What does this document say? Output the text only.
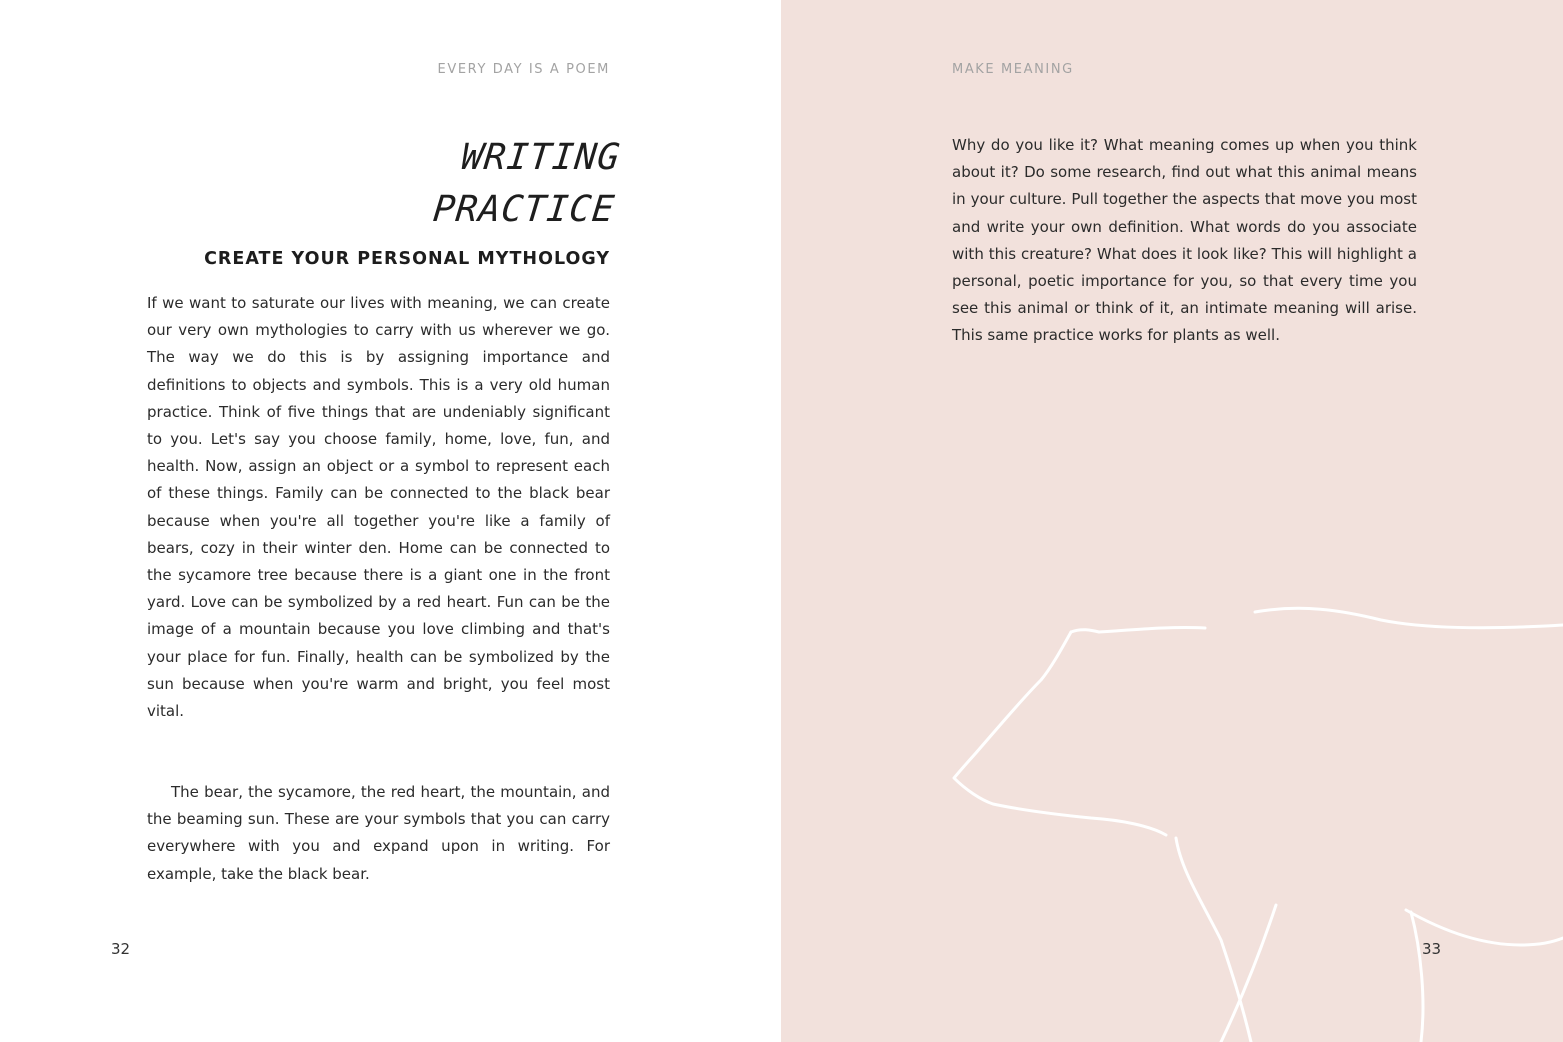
EVERY DAY IS A POEM
WRITING
PRACTICE
CREATE YOUR PERSONAL MYTHOLOGY

If we want to saturate our lives with meaning, we can create our very own mythologies to carry with us wherever we go. The way we do this is by assigning importance and definitions to objects and symbols. This is a very old human practice. Think of five things that are undeniably significant to you. Let's say you choose family, home, love, fun, and health. Now, assign an object or a symbol to represent each of these things. Family can be connected to the black bear because when you're all together you're like a family of bears, cozy in their winter den. Home can be connected to the sycamore tree because there is a giant one in the front yard. Love can be symbolized by a red heart. Fun can be the image of a mountain because you love climbing and that's your place for fun. Finally, health can be symbolized by the sun because when you're warm and bright, you feel most vital.

The bear, the sycamore, the red heart, the mountain, and the beaming sun. These are your symbols that you can carry everywhere with you and expand upon in writing. For example, take the black bear.

32
MAKE MEANING

Why do you like it? What meaning comes up when you think about it? Do some research, find out what this animal means in your culture. Pull together the aspects that move you most and write your own definition. What words do you associate with this creature? What does it look like? This will highlight a personal, poetic importance for you, so that every time you see this animal or think of it, an intimate meaning will arise. This same practice works for plants as well.

33
